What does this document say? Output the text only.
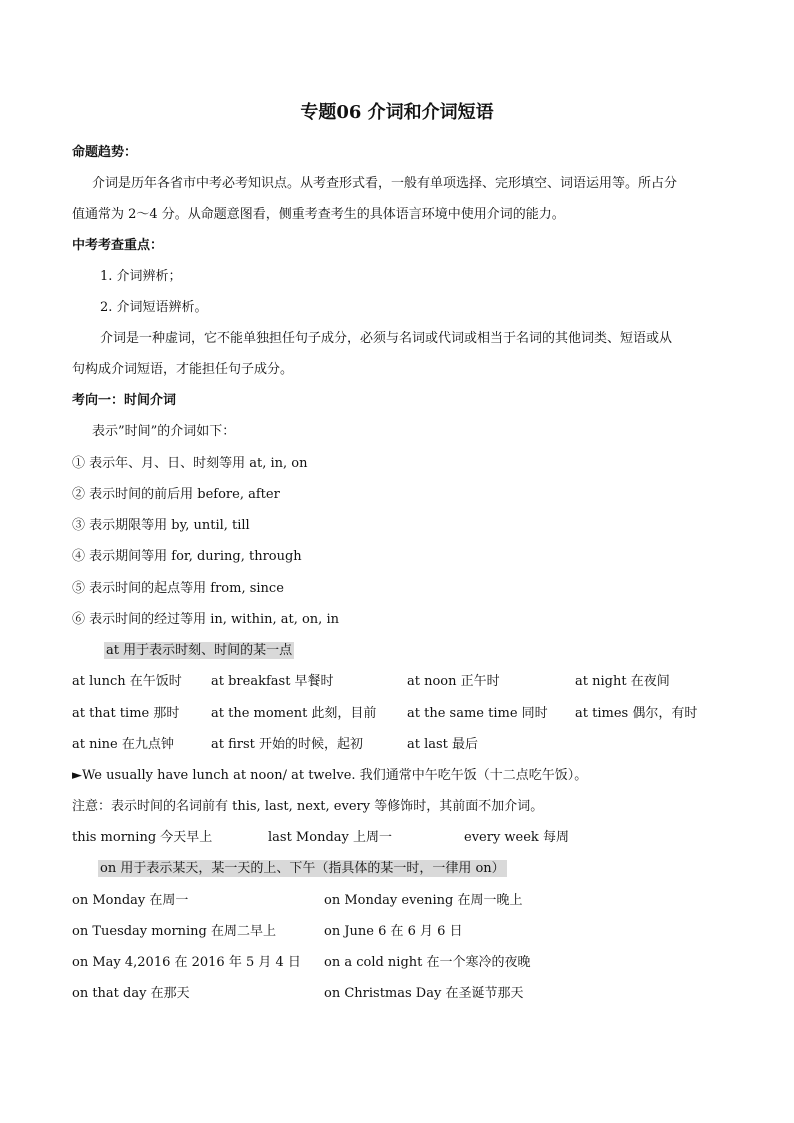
专题06 介词和介词短语
命题趋势：
介词是历年各省市中考必考知识点。从考查形式看，一般有单项选择、完形填空、词语运用等。所占分
值通常为 2～4 分。从命题意图看，侧重考查考生的具体语言环境中使用介词的能力。
中考考查重点：
1. 介词辨析；
2. 介词短语辨析。
介词是一种虚词，它不能单独担任句子成分，必须与名词或代词或相当于名词的其他词类、短语或从
句构成介词短语，才能担任句子成分。
考向一：时间介词
表示”时间”的介词如下：
① 表示年、月、日、时刻等用 at, in, on
② 表示时间的前后用 before, after
③ 表示期限等用 by, until, till
④ 表示期间等用 for, during, through
⑤ 表示时间的起点等用 from, since
⑥ 表示时间的经过等用 in, within, at, on, in
at 用于表示时刻、时间的某一点
at lunch 在午饭时 at breakfast 早餐时	at noon 正午时	at night 在夜间
at that time 那时 at the moment 此刻，目前 at the same time 同时 at times 偶尔，有时
at nine 在九点钟	at first 开始的时候，起初	at last 最后
►We usually have lunch at noon/ at twelve. 我们通常中午吃午饭（十二点吃午饭）。
注意：表示时间的名词前有 this, last, next, every 等修饰时，其前面不加介词。
this morning 今天早上	last Monday 上周一	every week 每周
on 用于表示某天，某一天的上、下午（指具体的某一时，一律用 on）
on Monday 在周一	on Monday evening 在周一晚上
on Tuesday morning 在周二早上	on June 6 在 6 月 6 日
on May 4,2016 在 2016 年 5 月 4 日 on a cold night 在一个寒冷的夜晚
on that day 在那天	on Christmas Day 在圣诞节那天
